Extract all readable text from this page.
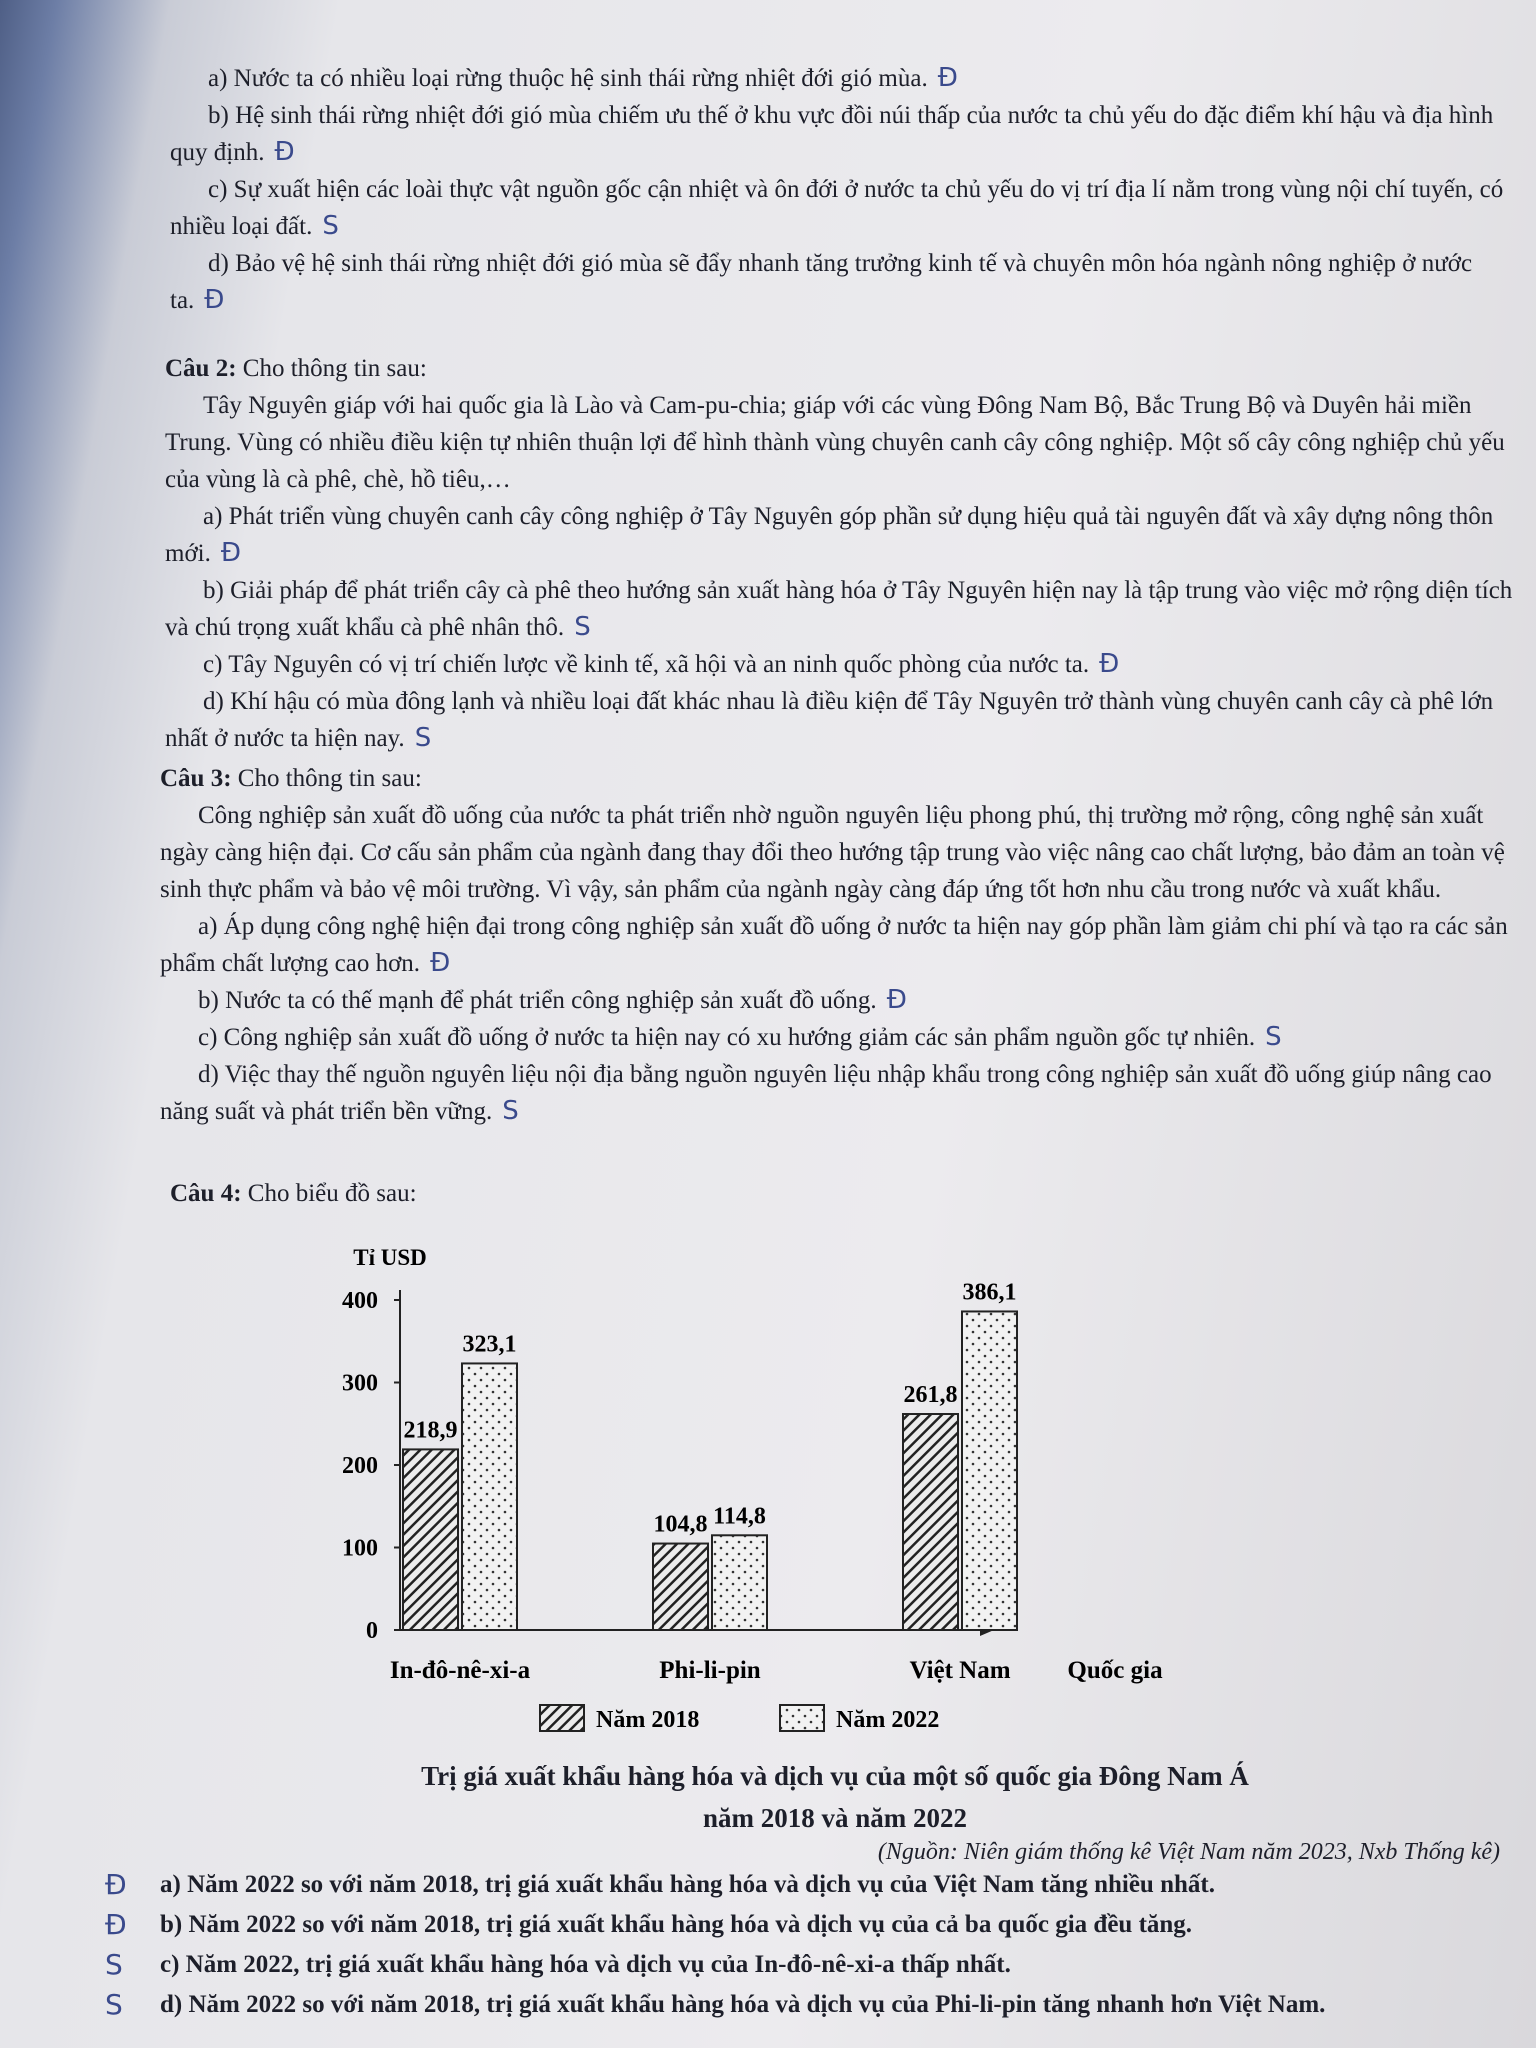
a) Nước ta có nhiều loại rừng thuộc hệ sinh thái rừng nhiệt đới gió mùa. Đ

b) Hệ sinh thái rừng nhiệt đới gió mùa chiếm ưu thế ở khu vực đồi núi thấp của nước ta chủ yếu do đặc điểm khí hậu và địa hình quy định. Đ

c) Sự xuất hiện các loài thực vật nguồn gốc cận nhiệt và ôn đới ở nước ta chủ yếu do vị trí địa lí nằm trong vùng nội chí tuyến, có nhiều loại đất. S

d) Bảo vệ hệ sinh thái rừng nhiệt đới gió mùa sẽ đẩy nhanh tăng trưởng kinh tế và chuyên môn hóa ngành nông nghiệp ở nước ta. Đ

Câu 2: Cho thông tin sau:

Tây Nguyên giáp với hai quốc gia là Lào và Cam-pu-chia; giáp với các vùng Đông Nam Bộ, Bắc Trung Bộ và Duyên hải miền Trung. Vùng có nhiều điều kiện tự nhiên thuận lợi để hình thành vùng chuyên canh cây công nghiệp. Một số cây công nghiệp chủ yếu của vùng là cà phê, chè, hồ tiêu,…

a) Phát triển vùng chuyên canh cây công nghiệp ở Tây Nguyên góp phần sử dụng hiệu quả tài nguyên đất và xây dựng nông thôn mới. Đ

b) Giải pháp để phát triển cây cà phê theo hướng sản xuất hàng hóa ở Tây Nguyên hiện nay là tập trung vào việc mở rộng diện tích và chú trọng xuất khẩu cà phê nhân thô. S

c) Tây Nguyên có vị trí chiến lược về kinh tế, xã hội và an ninh quốc phòng của nước ta. Đ

d) Khí hậu có mùa đông lạnh và nhiều loại đất khác nhau là điều kiện để Tây Nguyên trở thành vùng chuyên canh cây cà phê lớn nhất ở nước ta hiện nay. S

Câu 3: Cho thông tin sau:

Công nghiệp sản xuất đồ uống của nước ta phát triển nhờ nguồn nguyên liệu phong phú, thị trường mở rộng, công nghệ sản xuất ngày càng hiện đại. Cơ cấu sản phẩm của ngành đang thay đổi theo hướng tập trung vào việc nâng cao chất lượng, bảo đảm an toàn vệ sinh thực phẩm và bảo vệ môi trường. Vì vậy, sản phẩm của ngành ngày càng đáp ứng tốt hơn nhu cầu trong nước và xuất khẩu.

a) Áp dụng công nghệ hiện đại trong công nghiệp sản xuất đồ uống ở nước ta hiện nay góp phần làm giảm chi phí và tạo ra các sản phẩm chất lượng cao hơn. Đ

b) Nước ta có thế mạnh để phát triển công nghiệp sản xuất đồ uống. Đ

c) Công nghiệp sản xuất đồ uống ở nước ta hiện nay có xu hướng giảm các sản phẩm nguồn gốc tự nhiên. S

d) Việc thay thế nguồn nguyên liệu nội địa bằng nguồn nguyên liệu nhập khẩu trong công nghiệp sản xuất đồ uống giúp nâng cao năng suất và phát triển bền vững. S

Câu 4: Cho biểu đồ sau:

Tỉ USD
Quốc gia
0
100
200
300
400
218,9
323,1
In-đô-nê-xi-a
104,8 114,8
Phi-li-pin
261,8
386,1
Việt Nam
Năm 2018	Năm 2022
Trị giá xuất khẩu hàng hóa và dịch vụ của một số quốc gia Đông Nam Á
năm 2018 và năm 2022
(Nguồn: Niên giám thống kê Việt Nam năm 2023, Nxb Thống kê)
Đ a) Năm 2022 so với năm 2018, trị giá xuất khẩu hàng hóa và dịch vụ của Việt Nam tăng nhiều nhất.
Đ b) Năm 2022 so với năm 2018, trị giá xuất khẩu hàng hóa và dịch vụ của cả ba quốc gia đều tăng.
S c) Năm 2022, trị giá xuất khẩu hàng hóa và dịch vụ của In-đô-nê-xi-a thấp nhất.
S d) Năm 2022 so với năm 2018, trị giá xuất khẩu hàng hóa và dịch vụ của Phi-li-pin tăng nhanh hơn Việt Nam.
